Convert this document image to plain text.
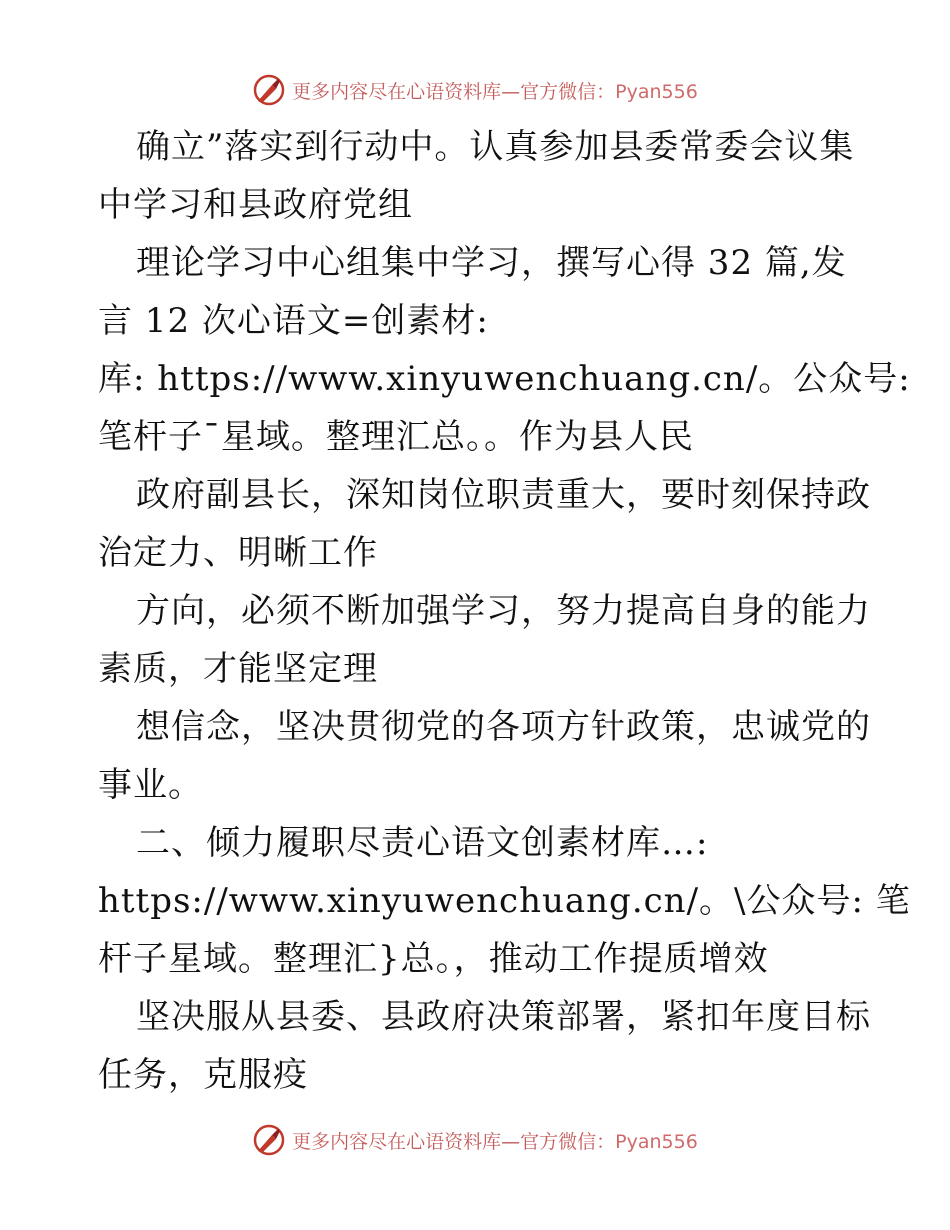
更多内容尽在心语资料库—官方微信：Pyan556
确立”落实到行动中。认真参加县委常委会议集
中学习和县政府党组
理论学习中心组集中学习，撰写心得 32 篇,发
言 12 次心语文=创素材:
库: https://www.xinyuwenchuang.cn/。公众号:
笔杆子¯星域。整理汇总。。作为县人民
政府副县长，深知岗位职责重大，要时刻保持政
治定力、明晰工作
方向，必须不断加强学习，努力提高自身的能力
素质，才能坚定理
想信念，坚决贯彻党的各项方针政策，忠诚党的
事业。
二、倾力履职尽责心语文创素材库…:
https://www.xinyuwenchuang.cn/。\公众号: 笔
杆子星域。整理汇}总。，推动工作提质增效
坚决服从县委、县政府决策部署，紧扣年度目标
任务，克服疫
更多内容尽在心语资料库—官方微信：Pyan556
